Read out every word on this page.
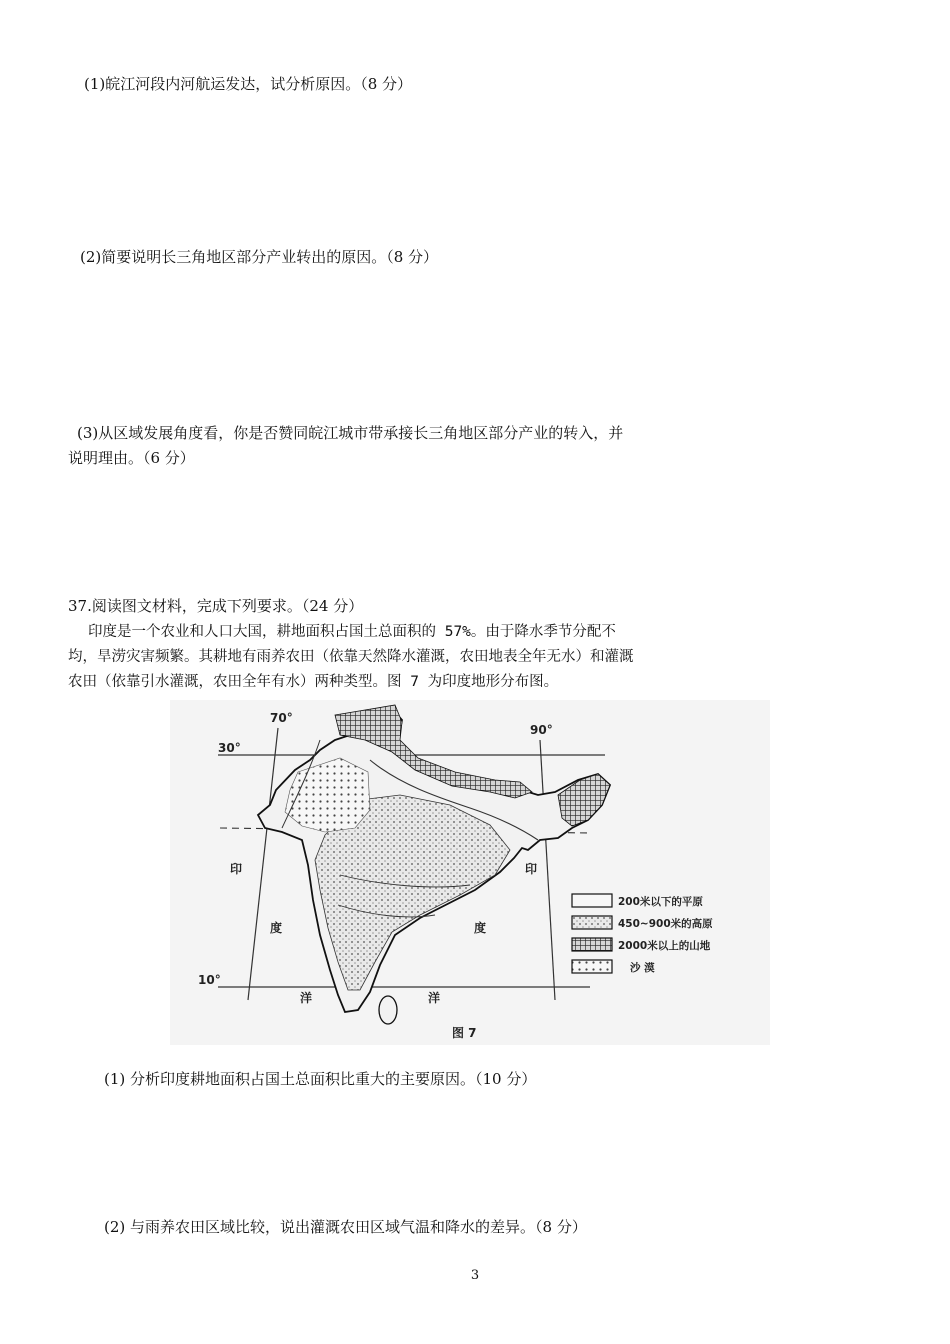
(1)皖江河段内河航运发达，试分析原因。（8 分）
(2)简要说明长三角地区部分产业转出的原因。（8 分）
(3)从区域发展角度看，你是否赞同皖江城市带承接长三角地区部分产业的转入，并
说明理由。（6 分）
37.阅读图文材料，完成下列要求。（24 分）
印度是一个农业和人口大国，耕地面积占国土总面积的 57%。由于降水季节分配不
均，旱涝灾害频繁。其耕地有雨养农田（依靠天然降水灌溉，农田地表全年无水）和灌溉
农田（依靠引水灌溉，农田全年有水）两种类型。图 7 为印度地形分布图。
70°
90°
30°
10°
印
度
洋
印
度
洋
200米以下的平原
450~900米的高原
2000米以上的山地
沙 漠
图 7
(1) 分析印度耕地面积占国土总面积比重大的主要原因。（10 分）
(2) 与雨养农田区域比较，说出灌溉农田区域气温和降水的差异。（8 分）
3
